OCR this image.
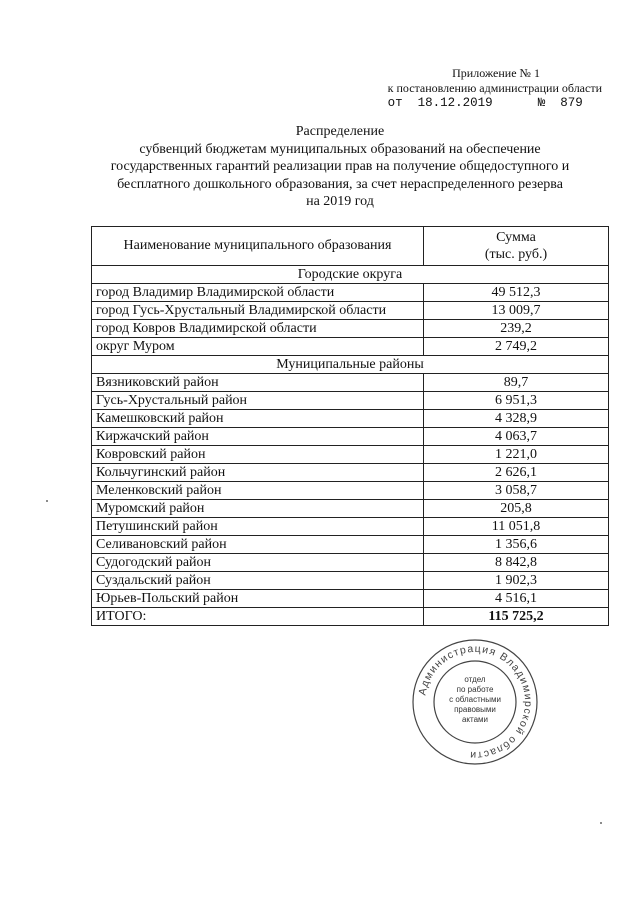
Приложение № 1
к постановлению администрации области
от 18.12.2019	№ 879
Распределение
субвенций бюджетам муниципальных образований на обеспечение
государственных гарантий реализации прав на получение общедоступного и
бесплатного дошкольного образования, за счет нераспределенного резерва
на 2019 год
Наименование муниципального образования	Сумма
(тыс. руб.)

Городские округа	
город Владимир Владимирской области	49 512,3
город Гусь-Хрустальный Владимирской области	13 009,7
город Ковров Владимирской области	239,2
округ Муром	2 749,2
Муниципальные районы	
Вязниковский район	89,7
Гусь-Хрустальный район	6 951,3
Камешковский район	4 328,9
Киржачский район	4 063,7
Ковровский район	1 221,0
Кольчугинский район	2 626,1
Меленковский район	3 058,7
Муромский район	205,8
Петушинский район	11 051,8
Селивановский район	1 356,6
Судогодский район	8 842,8
Суздальский район	1 902,3
Юрьев-Польский район	4 516,1
ИТОГО:	115 725,2
Администрация Владимирской области
отдел
по работе
с областными
правовыми
актами
